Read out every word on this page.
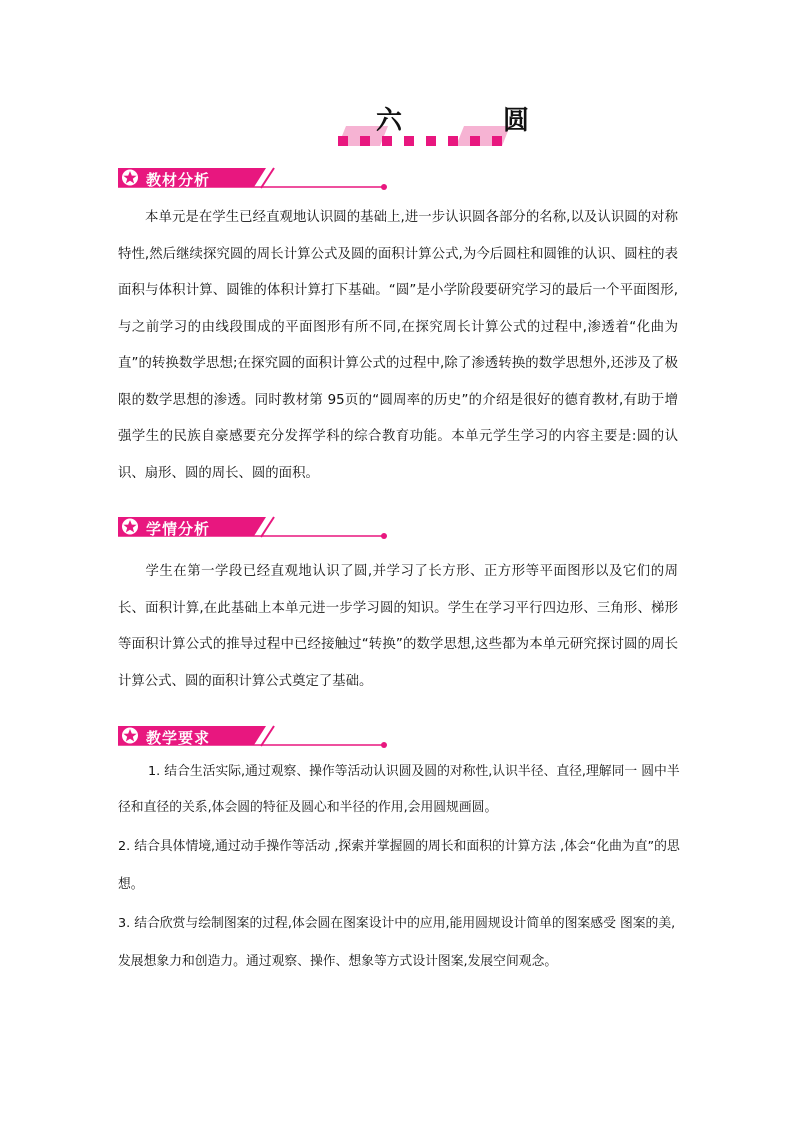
六 圆
教材分析

本单元是在学生已经直观地认识圆的基础上,进一步认识圆各部分的名称,以及认识圆的对称特性,然后继续探究圆的周长计算公式及圆的面积计算公式,为今后圆柱和圆锥的认识、圆柱的表面积与体积计算、圆锥的体积计算打下基础。“圆”是小学阶段要研究学习的最后一个平面图形,与之前学习的由线段围成的平面图形有所不同,在探究周长计算公式的过程中,渗透着“化曲为直”的转换数学思想;在探究圆的面积计算公式的过程中,除了渗透转换的数学思想外,还涉及了极限的数学思想的渗透。同时教材第 95页的“圆周率的历史”的介绍是很好的德育教材,有助于增强学生的民族自豪感要充分发挥学科的综合教育功能。本单元学生学习的内容主要是:圆的认识、扇形、圆的周长、圆的面积。

学情分析

学生在第一学段已经直观地认识了圆,并学习了长方形、正方形等平面图形以及它们的周长、面积计算,在此基础上本单元进一步学习圆的知识。学生在学习平行四边形、三角形、梯形等面积计算公式的推导过程中已经接触过“转换”的数学思想,这些都为本单元研究探讨圆的周长计算公式、圆的面积计算公式奠定了基础。

教学要求

1. 结合生活实际,通过观察、操作等活动认识圆及圆的对称性,认识半径、直径,理解同一 圆中半径和直径的关系,体会圆的特征及圆心和半径的作用,会用圆规画圆。

2. 结合具体情境,通过动手操作等活动 ,探索并掌握圆的周长和面积的计算方法 ,体会“化曲为直”的思想。

3. 结合欣赏与绘制图案的过程,体会圆在图案设计中的应用,能用圆规设计简单的图案感受 图案的美,发展想象力和创造力。通过观察、操作、想象等方式设计图案,发展空间观念。
